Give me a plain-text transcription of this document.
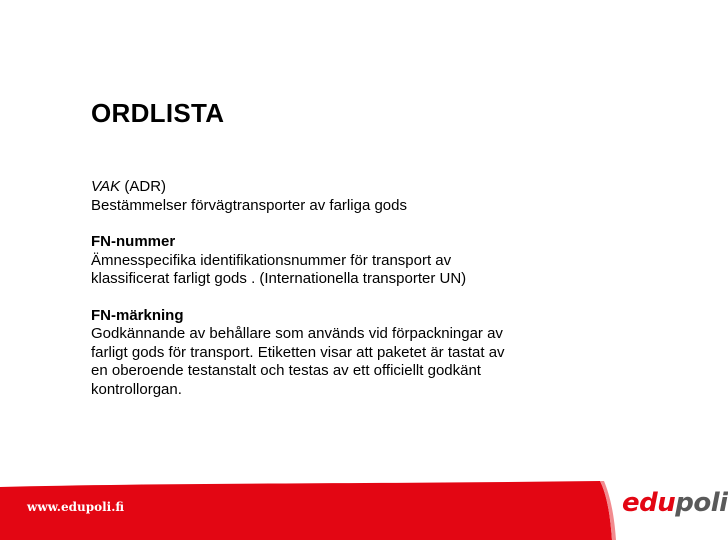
ORDLISTA
VAK (ADR)
Bestämmelser förvägtransporter av farliga gods
FN-nummer
Ämnesspecifika identifikationsnummer för transport av
klassificerat farligt gods . (Internationella transporter UN)
FN-märkning
Godkännande av behållare som används vid förpackningar av
farligt gods för transport. Etiketten visar att paketet är tastat av
en oberoende testanstalt och testas av ett officiellt godkänt
kontrollorgan.
www.edupoli.fi	edupoli
